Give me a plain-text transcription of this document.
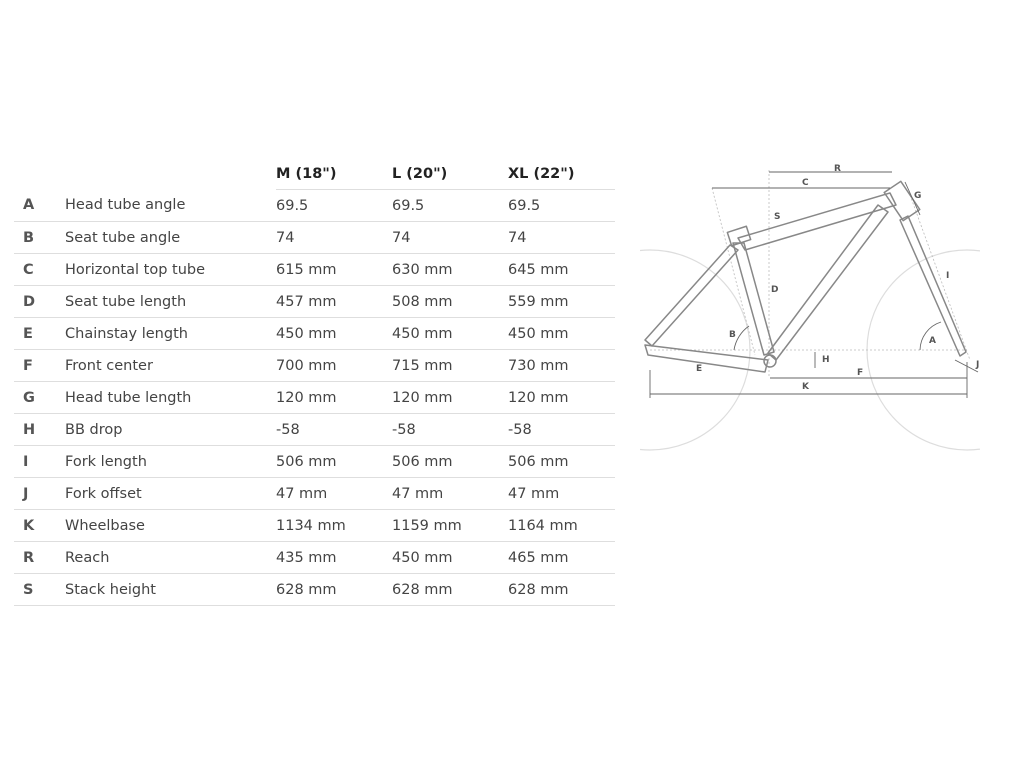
		M (18")	L (20")	XL (22")
A	Head tube angle	69.5	69.5	69.5
B	Seat tube angle	74	74	74
C	Horizontal top tube	615 mm	630 mm	645 mm
D	Seat tube length	457 mm	508 mm	559 mm
E	Chainstay length	450 mm	450 mm	450 mm
F	Front center	700 mm	715 mm	730 mm
G	Head tube length	120 mm	120 mm	120 mm
H	BB drop	-58	-58	-58
I	Fork length	506 mm	506 mm	506 mm
J	Fork offset	47 mm	47 mm	47 mm
K	Wheelbase	1134 mm	1159 mm	1164 mm
R	Reach	435 mm	450 mm	465 mm
S	Stack height	628 mm	628 mm	628 mm
R
C
S
G
I
D
B
A
H
E	F
K
J
